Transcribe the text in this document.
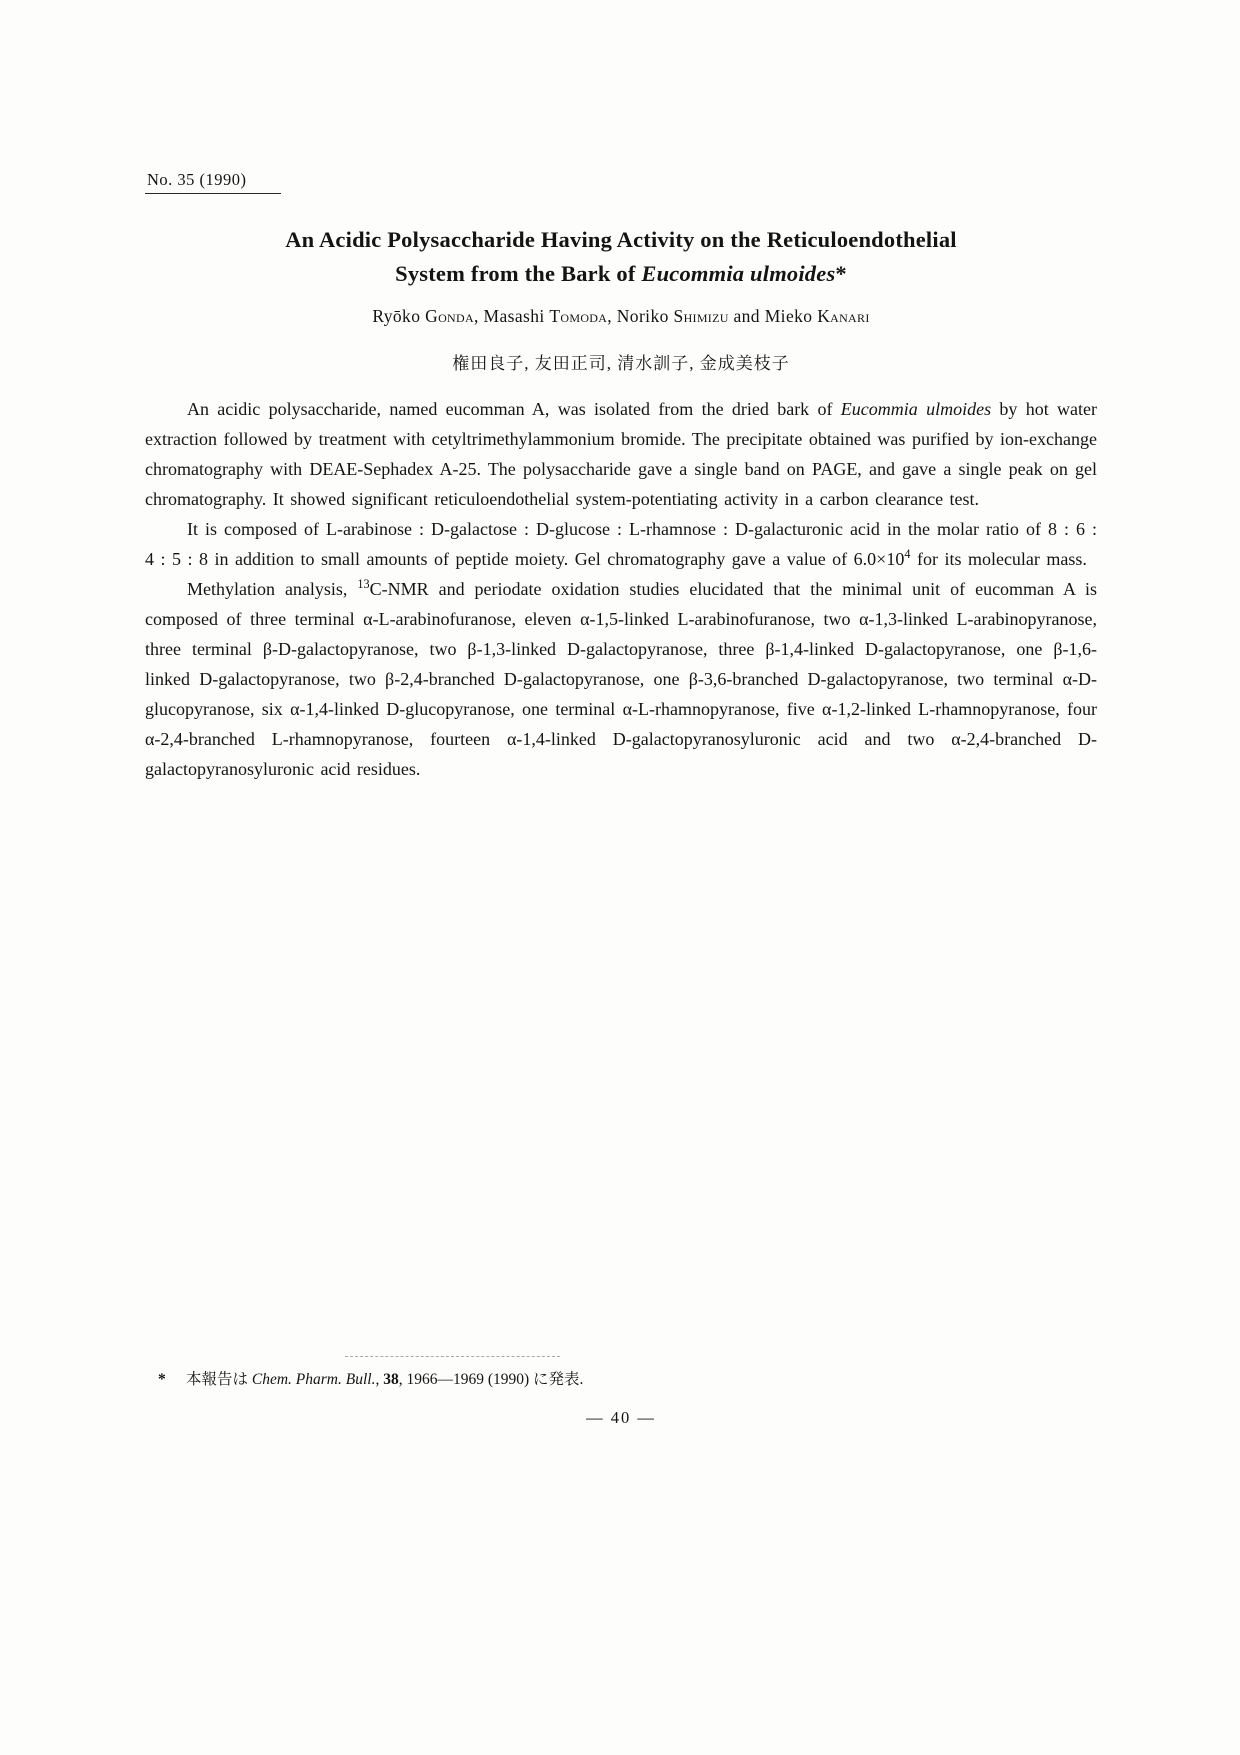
No. 35 (1990)
An Acidic Polysaccharide Having Activity on the Reticuloendothelial
System from the Bark of Eucommia ulmoides*
Ryōko Gonda, Masashi Tomoda, Noriko Shimizu and Mieko Kanari
権田良子, 友田正司, 清水訓子, 金成美枝子

An acidic polysaccharide, named eucomman A, was isolated from the dried bark of Eucommia ulmoides by hot water extraction followed by treatment with cetyltrimethylammonium bromide. The precipitate obtained was purified by ion-exchange chromatography with DEAE-Sephadex A-25. The polysaccharide gave a single band on PAGE, and gave a single peak on gel chromatography. It showed significant reticuloendothelial system-potentiating activity in a carbon clearance test.

It is composed of L-arabinose : D-galactose : D-glucose : L-rhamnose : D-galacturonic acid in the molar ratio of 8 : 6 : 4 : 5 : 8 in addition to small amounts of peptide moiety. Gel chromatography gave a value of $6.0\times 10^4$ for its molecular mass.

Methylation analysis, $^{13}$C-NMR and periodate oxidation studies elucidated that the minimal unit of eucomman A is composed of three terminal α-L-arabinofuranose, eleven α-1,5-linked L-arabinofuranose, two α-1,3-linked L-arabinopyranose, three terminal β-D-galactopyranose, two β-1,3-linked D-galactopyranose, three β-1,4-linked D-galactopyranose, one β-1,6-linked D-galactopyranose, two β-2,4-branched D-galactopyranose, one β-3,6-branched D-galactopyranose, two terminal α-D-glucopyranose, six α-1,4-linked D-glucopyranose, one terminal α-L-rhamnopyranose, five α-1,2-linked L-rhamnopyranose, four α-2,4-branched L-rhamnopyranose, fourteen α-1,4-linked D-galactopyranosyluronic acid and two α-2,4-branched D-galactopyranosyluronic acid residues.

* 本報告は Chem. Pharm. Bull., 38, 1966—1969 (1990) に発表.
— 40 —
